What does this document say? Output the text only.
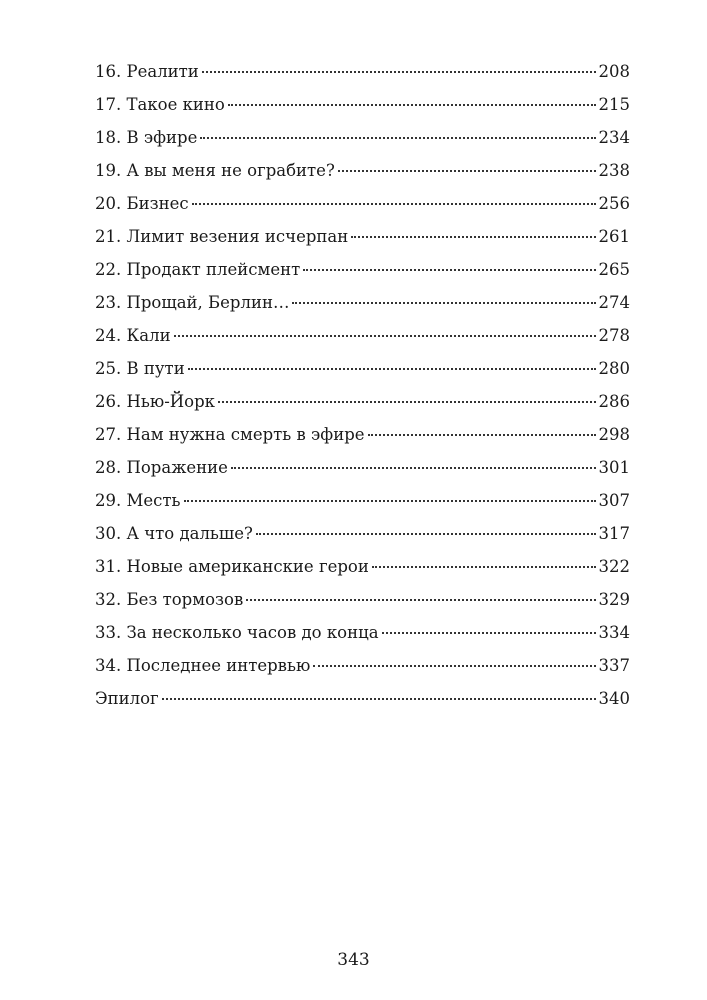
16. Реалити	208
17. Такое кино	215
18. В эфире	234
19. А вы меня не ограбите?	238
20. Бизнес	256
21. Лимит везения исчерпан	261
22. Продакт плейсмент	265
23. Прощай, Берлин…	274
24. Кали	278
25. В пути	280
26. Нью-Йорк	286
27. Нам нужна смерть в эфире	298
28. Поражение	301
29. Месть	307
30. А что дальше?	317
31. Новые американские герои	322
32. Без тормозов	329
33. За несколько часов до конца	334
34. Последнее интервью	337
Эпилог	340
343
